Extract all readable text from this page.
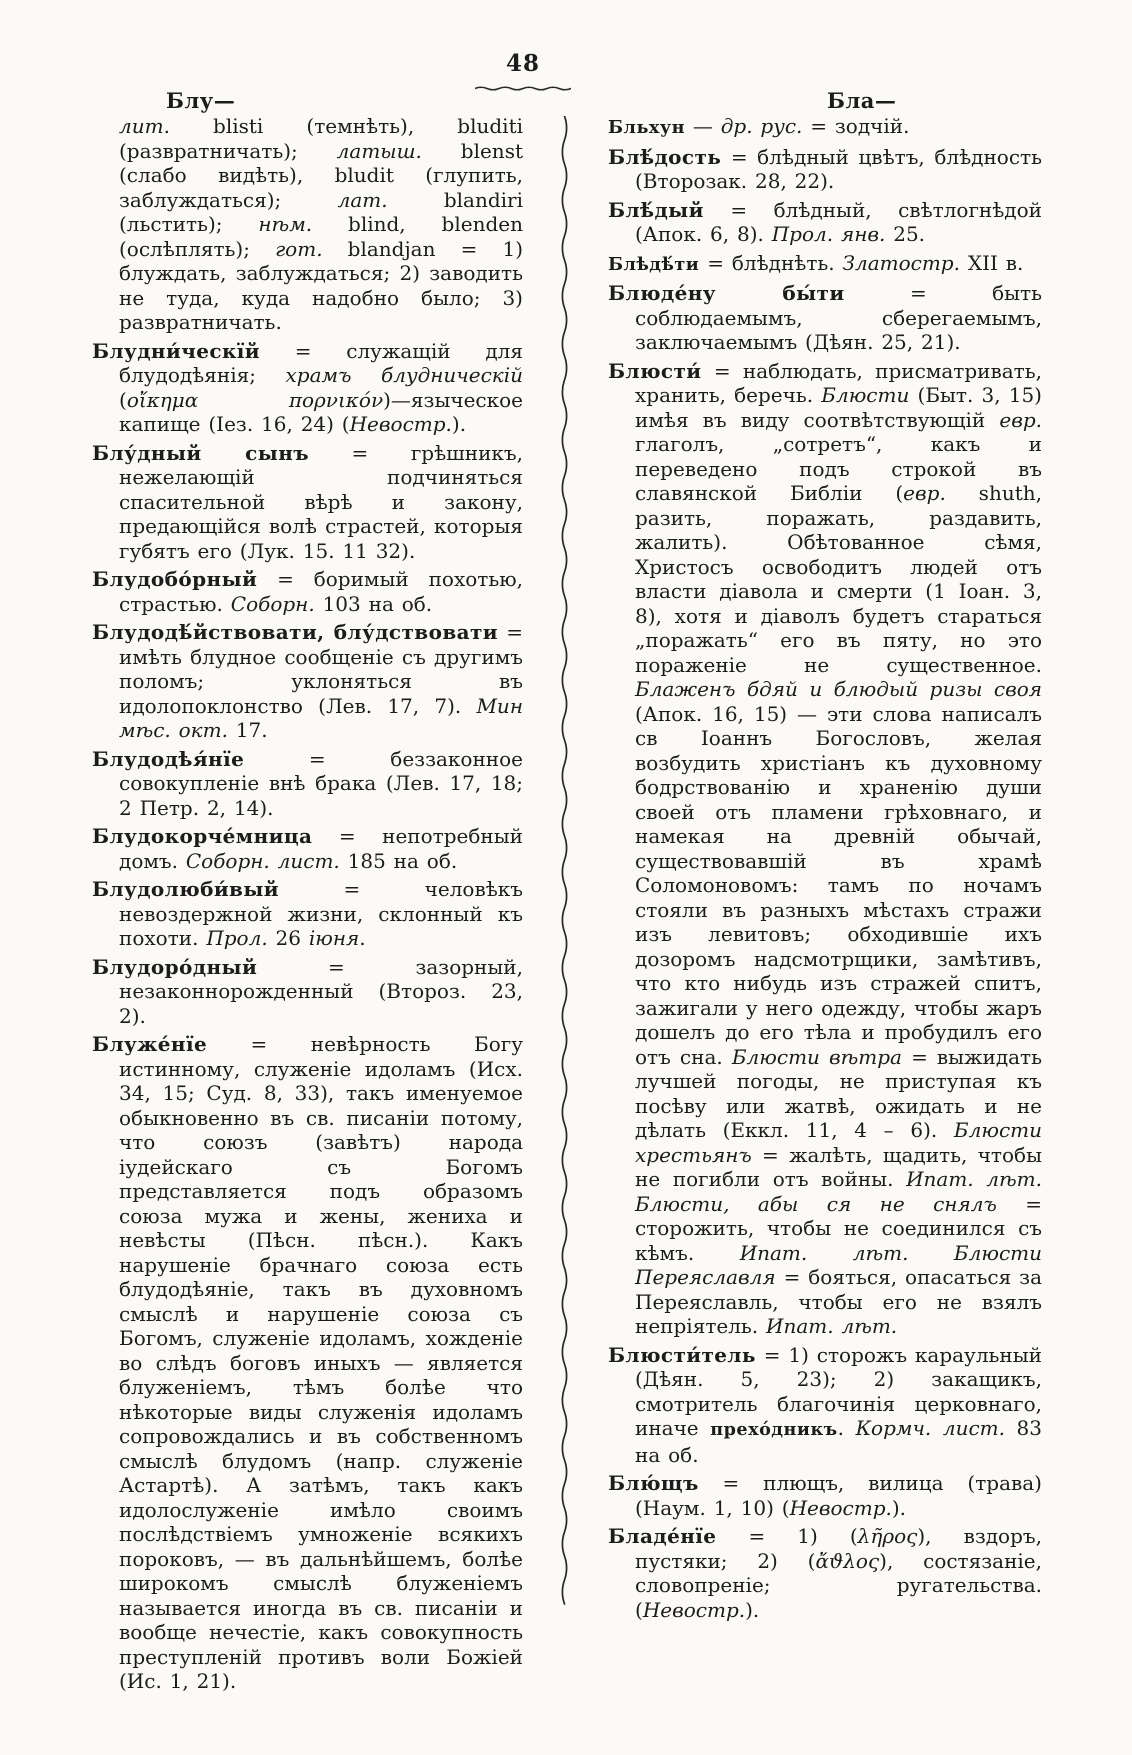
48
Блу—	Бла—

лит. blisti (темнѣть), bluditi (развратничать); латыш. blenst (слабо видѣть), bludit (глупить, заблуждаться); лат. blandiri (льстить); нѣм. blind, blenden (ослѣплять); гот. blandjan = 1) блуждать, заблуждаться; 2) заводить не туда, куда надобно было; 3) развратничать.

Блудни́ческїй = служащій для блудодѣянія; храмъ блудническій (οἴκημα πορνικόν)—языческое капище (Іез. 16, 24) (Невостр.).

Блу́дный сынъ = грѣшникъ, нежелающій подчиняться спасительной вѣрѣ и закону, предающійся волѣ страстей, которыя губятъ его (Лук. 15. 11 32).

Блудобо́рный = боримый похотью, страстью. Соборн. 103 на об.

Блудодѣ́йствовати, блу́дствовати = имѣть блудное сообщеніе съ другимъ поломъ; уклоняться въ идолопоклонство (Лев. 17, 7). Мин мѣс. окт. 17.

Блудодѣя́нїе = беззаконное совокупленіе внѣ брака (Лев. 17, 18; 2 Петр. 2, 14).

Блудокорче́мница = непотребный домъ. Соборн. лист. 185 на об.

Блудолюби́вый = человѣкъ невоздержной жизни, склонный къ похоти. Прол. 26 іюня.

Блудоро́дный = зазорный, незаконнорожденный (Второз. 23, 2).

Блуже́нїе = невѣрность Богу истинному, служеніе идоламъ (Исх. 34, 15; Суд. 8, 33), такъ именуемое обыкновенно въ св. писаніи потому, что союзъ (завѣтъ) народа іудейскаго съ Богомъ представляется подъ образомъ союза мужа и жены, жениха и невѣсты (Пѣсн. пѣсн.). Какъ нарушеніе брачнаго союза есть блудодѣяніе, такъ въ духовномъ смыслѣ и нарушеніе союза съ Богомъ, служеніе идоламъ, хожденіе во слѣдъ боговъ иныхъ — является блуженіемъ, тѣмъ болѣе что нѣкоторые виды служенія идоламъ сопровождались и въ собственномъ смыслѣ блудомъ (напр. служеніе Астартѣ). А затѣмъ, такъ какъ идолослуженіе имѣло своимъ послѣдствіемъ умноженіе всякихъ пороковъ, — въ дальнѣйшемъ, болѣе широкомъ смыслѣ блуженіемъ называется иногда въ св. писаніи и вообще нечестіе, какъ совокупность преступленій противъ воли Божіей (Ис. 1, 21).

Бльхун — др. рус. = зодчій.

Блѣ́дость = блѣдный цвѣтъ, блѣдность (Второзак. 28, 22).

Блѣ́дый = блѣдный, свѣтлогнѣдой (Апок. 6, 8). Прол. янв. 25.

Блѣдѣ́ти = блѣднѣть. Златостр. XII в.

Блюде́ну бы́ти = быть соблюдаемымъ, сберегаемымъ, заключаемымъ (Дѣян. 25, 21).

Блюсти́ = наблюдать, присматривать, хранить, беречь. Блюсти (Быт. 3, 15) имѣя въ виду соотвѣтствующій евр. глаголъ, „сотретъ“, какъ и переведено подъ строкой въ славянской Библіи (евр. shuth, разить, поражать, раздавить, жалить). Обѣтованное сѣмя, Христосъ освободитъ людей отъ власти діавола и смерти (1 Іоан. 3, 8), хотя и діаволъ будетъ стараться „поражать“ его въ пяту, но это пораженіе не существенное. Блаженъ бдяй и блюдый ризы своя (Апок. 16, 15) — эти слова написалъ св Іоаннъ Богословъ, желая возбудить христіанъ къ духовному бодрствованію и храненію души своей отъ пламени грѣховнаго, и намекая на древній обычай, существовавшій въ храмѣ Соломоновомъ: тамъ по ночамъ стояли въ разныхъ мѣстахъ стражи изъ левитовъ; обходившіе ихъ дозоромъ надсмотрщики, замѣтивъ, что кто нибудь изъ стражей спитъ, зажигали у него одежду, чтобы жаръ дошелъ до его тѣла и пробудилъ его отъ сна. Блюсти вѣтра = выжидать лучшей погоды, не приступая къ посѣву или жатвѣ, ожидать и не дѣлать (Еккл. 11, 4 – 6). Блюсти хрестьянъ = жалѣть, щадить, чтобы не погибли отъ войны. Ипат. лѣт. Блюсти, абы ся не снялъ = сторожить, чтобы не соединился съ кѣмъ. Ипат. лѣт. Блюсти Переяславля = бояться, опасаться за Переяславль, чтобы его не взялъ непріятель. Ипат. лѣт.

Блюсти́тель = 1) сторожъ караульный (Дѣян. 5, 23); 2) закащикъ, смотритель благочинія церковнаго, иначе прехо́дникъ. Кормч. лист. 83 на об.

Блю́щъ = плющъ, вилица (трава) (Наум. 1, 10) (Невостр.).

Бладе́нїе = 1) (λῆρος), вздоръ, пустяки; 2) (ἄϑλος), состязаніе, словопреніе; ругательства. (Невостр.).
